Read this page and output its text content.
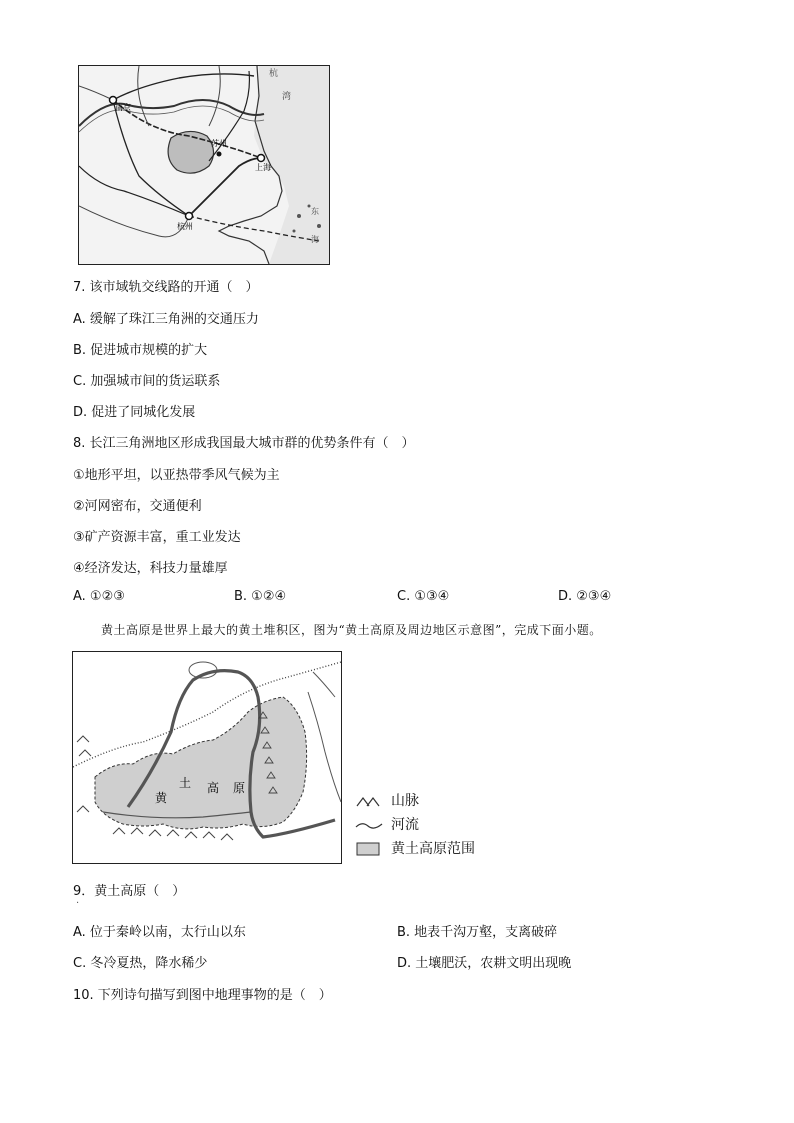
南京
苏州
上海
杭州
杭
湾
东
海
7. 该市域轨交线路的开通（　）
A. 缓解了珠江三角洲的交通压力
B. 促进城市规模的扩大
C. 加强城市间的货运联系
D. 促进了同城化发展
8. 长江三角洲地区形成我国最大城市群的优势条件有（　）
①地形平坦，以亚热带季风气候为主
②河网密布，交通便利
③矿产资源丰富，重工业发达
④经济发达，科技力量雄厚
A. ①②③	B. ①②④	C. ①③④	D. ②③④
黄土高原是世界上最大的黄土堆积区，图为“黄土高原及周边地区示意图”，完成下面小题。
黄
土 高 原
山脉
河流
黄土高原范围
9．黄土高原（　）
·
A. 位于秦岭以南，太行山以东	B. 地表千沟万壑，支离破碎
C. 冬冷夏热，降水稀少	D. 土壤肥沃，农耕文明出现晚
10. 下列诗句描写到图中地理事物的是（　）
